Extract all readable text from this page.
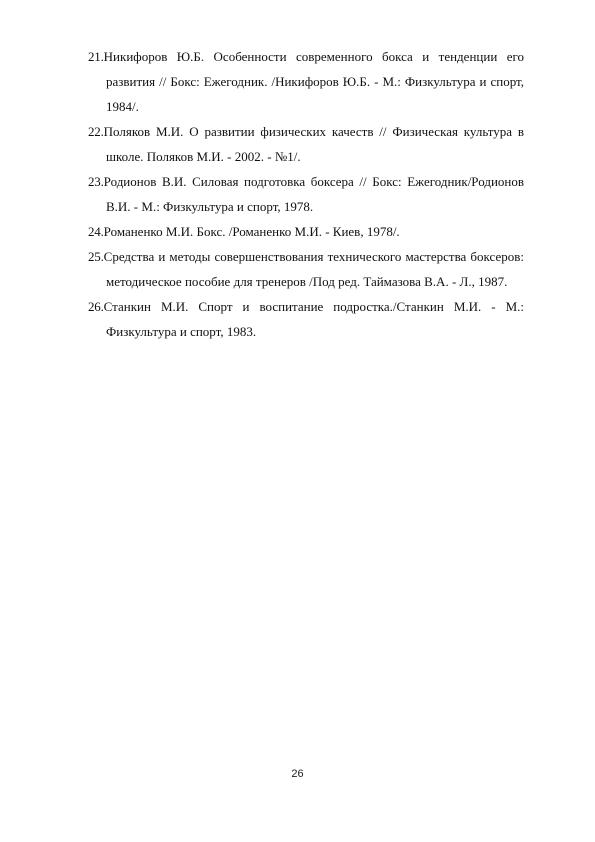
21.Никифоров Ю.Б. Особенности современного бокса и тенденции его развития // Бокс: Ежегодник. /Никифоров Ю.Б. - М.: Физкультура и спорт, 1984/.
22.Поляков М.И. О развитии физических качеств // Физическая культура в школе. Поляков М.И. - 2002. - №1/.
23.Родионов В.И. Силовая подготовка боксера // Бокс: Ежегодник/Родионов В.И. - М.: Физкультура и спорт, 1978.
24.Романенко М.И. Бокс. /Романенко М.И. - Киев, 1978/.
25.Средства и методы совершенствования технического мастерства боксеров: методическое пособие для тренеров /Под ред. Таймазова В.А. - Л., 1987.
26.Станкин М.И. Спорт и воспитание подростка./Станкин М.И. - М.: Физкультура и спорт, 1983.
26
